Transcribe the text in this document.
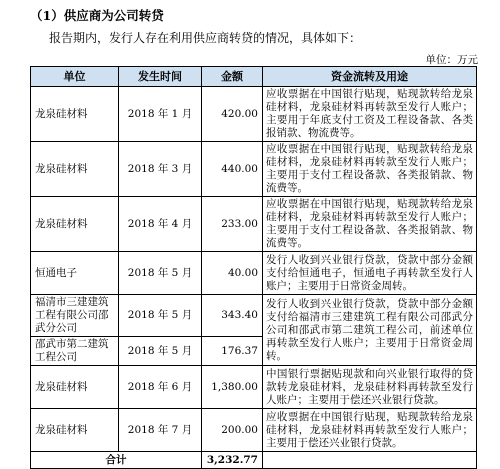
（1）供应商为公司转贷
报告期内，发行人存在利用供应商转贷的情况，具体如下：
单位：万元
单位	发生时间	金额	资金流转及用途
龙泉硅材料	2018 年 1 月	420.00	应收票据在中国银行贴现，贴现款转给龙泉硅材料，龙泉硅材料再转款至发行人账户；主要用于年底支付工资及工程设备款、各类报销款、物流费等。
龙泉硅材料	2018 年 3 月	440.00	应收票据在中国银行贴现，贴现款转给龙泉硅材料，龙泉硅材料再转款至发行人账户；主要用于支付工程设备款、各类报销款、物流费等。
龙泉硅材料	2018 年 4 月	233.00	应收票据在中国银行贴现，贴现款转给龙泉硅材料，龙泉硅材料再转款至发行人账户；主要用于支付工程设备款、各类报销款、物流费等。
恒通电子	2018 年 5 月	40.00	发行人收到兴业银行贷款，贷款中部分金额支付给恒通电子，恒通电子再转款至发行人账户；主要用于日常资金周转。
福清市三建建筑工程有限公司邵武分公司	2018 年 5 月	343.40	发行人收到兴业银行贷款，贷款中部分金额支付给福清市三建建筑工程有限公司邵武分公司和邵武市第二建筑工程公司，前述单位再转款至发行人账户；主要用于日常资金周转。
邵武市第二建筑工程公司	2018 年 5 月	176.37	
龙泉硅材料	2018 年 6 月	1,380.00	中国银行票据贴现款和向兴业银行取得的贷款转龙泉硅材料，龙泉硅材料再转款至发行人账户；主要用于偿还兴业银行贷款。
龙泉硅材料	2018 年 7 月	200.00	应收票据在中国银行贴现，贴现款转给龙泉硅材料，龙泉硅材料再转款至发行人账户；主要用于偿还兴业银行贷款。
合计		3,232.77	
